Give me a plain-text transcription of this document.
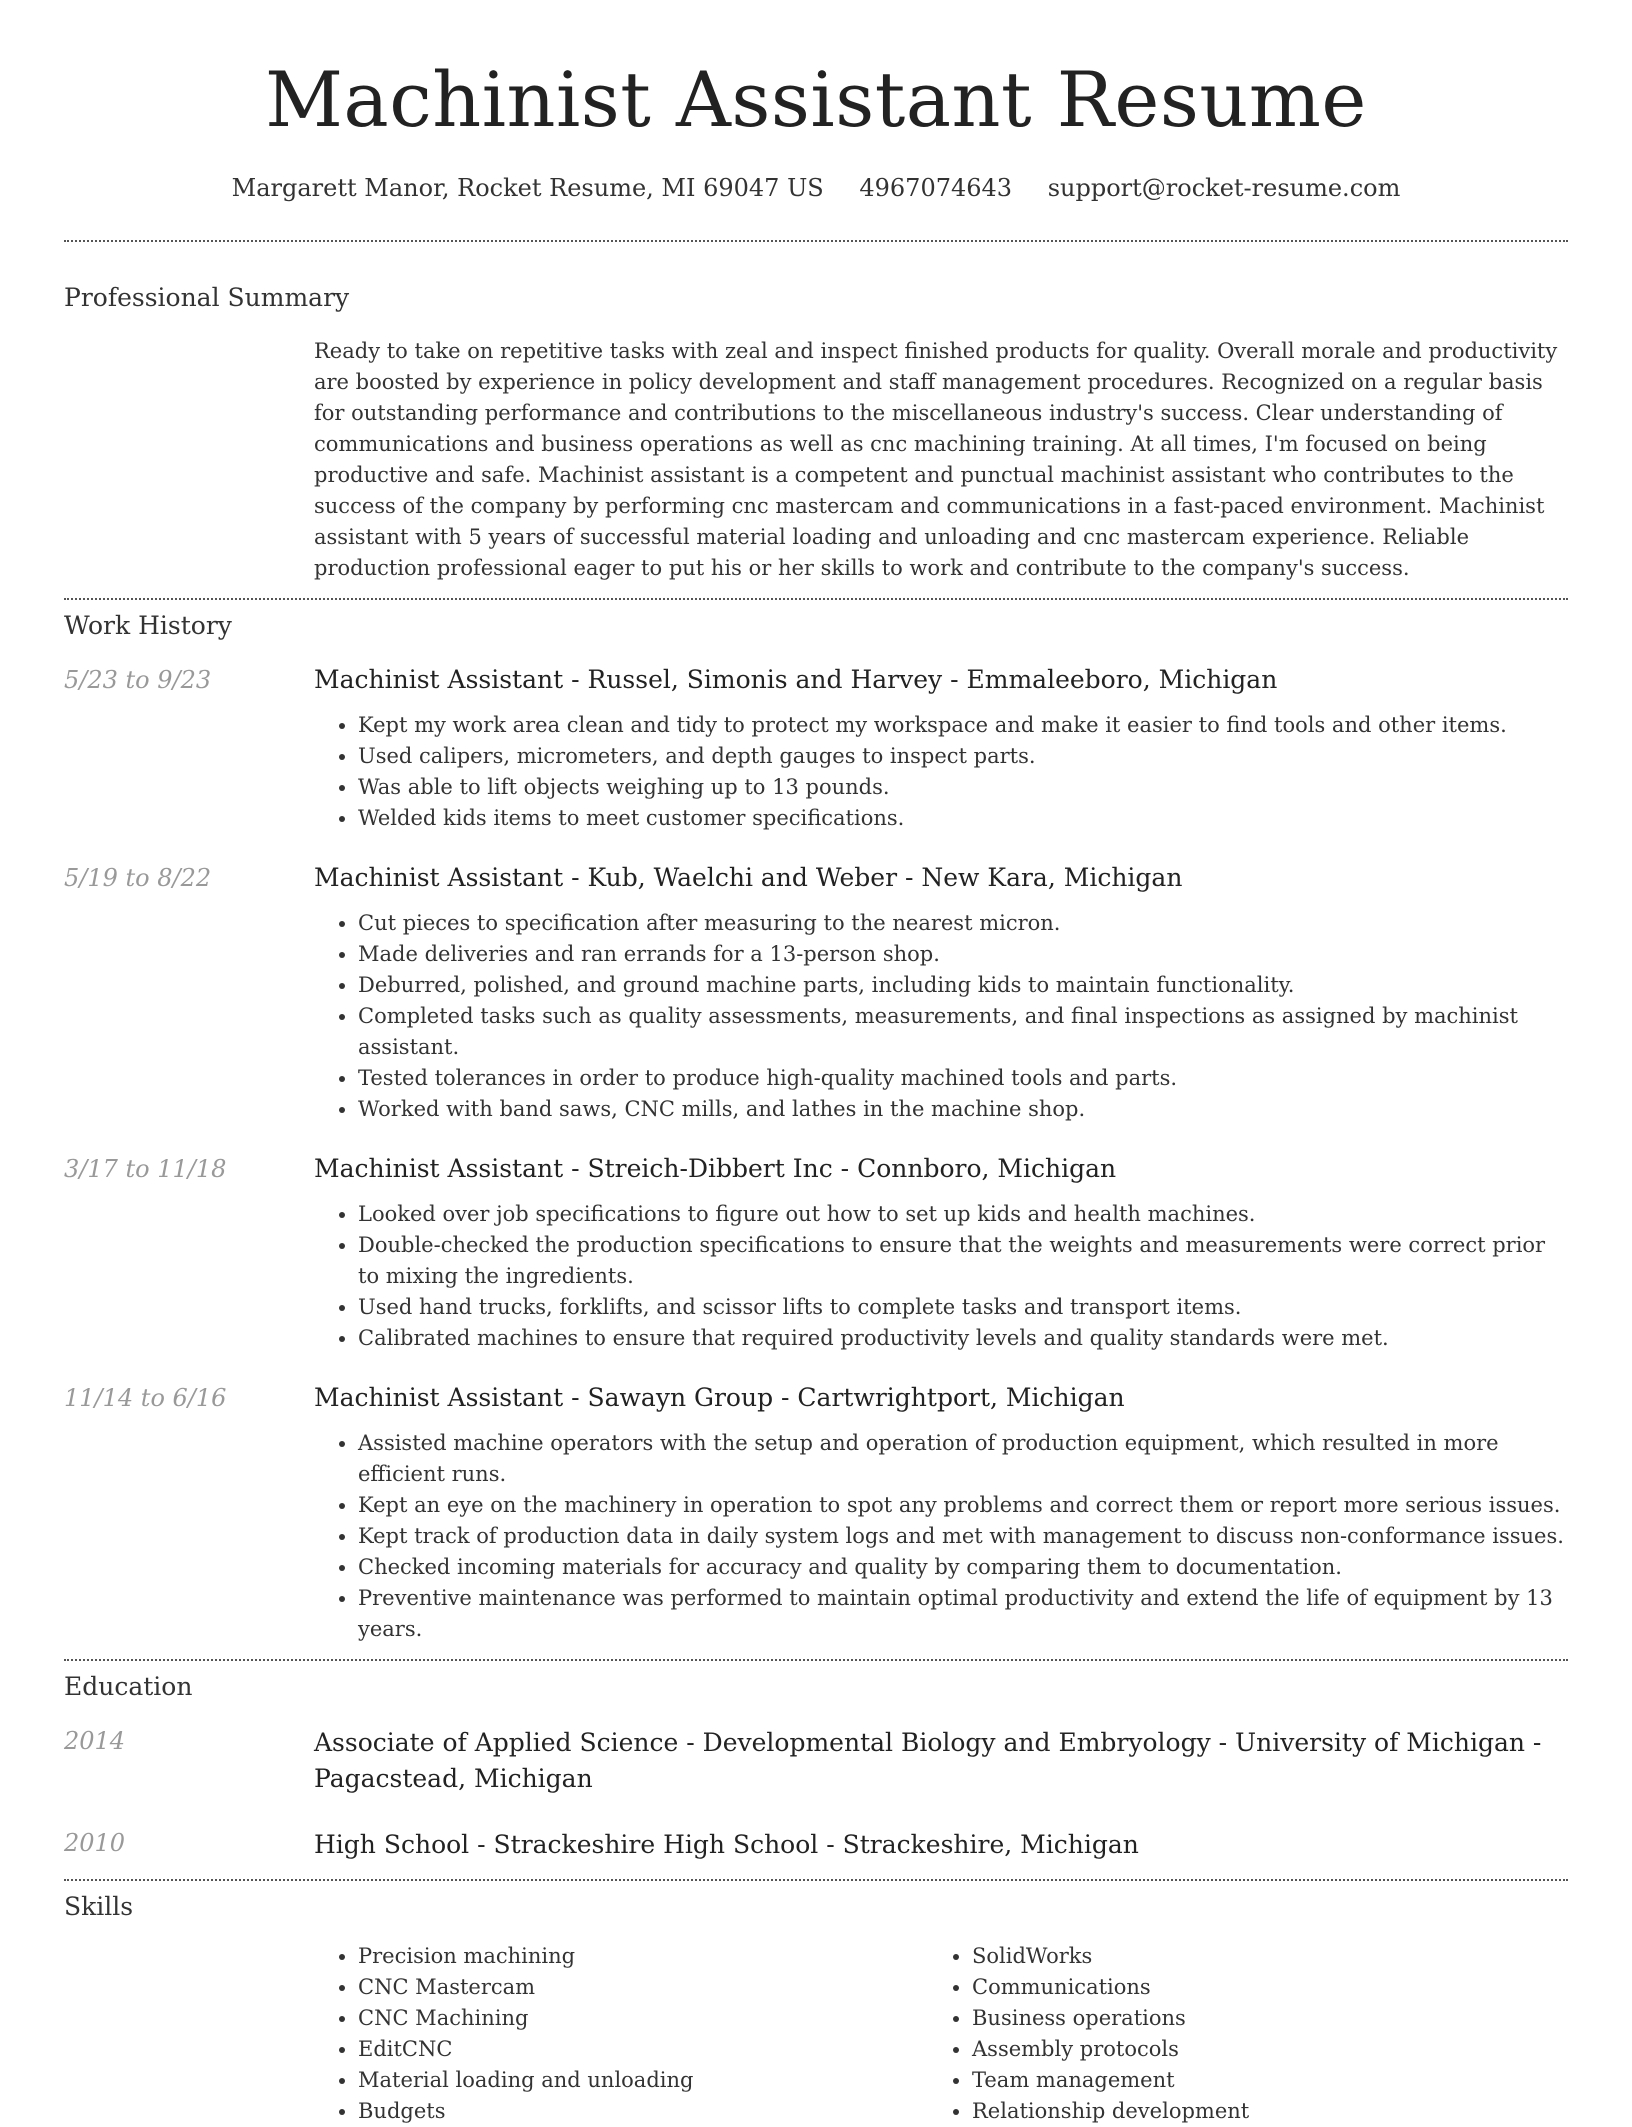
Machinist Assistant Resume
Margarett Manor, Rocket Resume, MI 69047 US 4967074643 support@rocket-resume.com
Professional Summary

Ready to take on repetitive tasks with zeal and inspect finished products for quality. Overall morale and productivity are boosted by experience in policy development and staff management procedures. Recognized on a regular basis for outstanding performance and contributions to the miscellaneous industry's success. Clear understanding of communications and business operations as well as cnc machining training. At all times, I'm focused on being productive and safe. Machinist assistant is a competent and punctual machinist assistant who contributes to the success of the company by performing cnc mastercam and communications in a fast-paced environment. Machinist assistant with 5 years of successful material loading and unloading and cnc mastercam experience. Reliable production professional eager to put his or her skills to work and contribute to the company's success.

Work History
5/23 to 9/23	Machinist Assistant - Russel, Simonis and Harvey - Emmaleeboro, Michigan

• Kept my work area clean and tidy to protect my workspace and make it easier to find tools and other items.
• Used calipers, micrometers, and depth gauges to inspect parts.
• Was able to lift objects weighing up to 13 pounds.
• Welded kids items to meet customer specifications.
5/19 to 8/22	Machinist Assistant - Kub, Waelchi and Weber - New Kara, Michigan

• Cut pieces to specification after measuring to the nearest micron.
• Made deliveries and ran errands for a 13-person shop.
• Deburred, polished, and ground machine parts, including kids to maintain functionality.
• Completed tasks such as quality assessments, measurements, and final inspections as assigned by machinist assistant.
• Tested tolerances in order to produce high-quality machined tools and parts.
• Worked with band saws, CNC mills, and lathes in the machine shop.
3/17 to 11/18	Machinist Assistant - Streich-Dibbert Inc - Connboro, Michigan

• Looked over job specifications to figure out how to set up kids and health machines.
• Double-checked the production specifications to ensure that the weights and measurements were correct prior to mixing the ingredients.
• Used hand trucks, forklifts, and scissor lifts to complete tasks and transport items.
• Calibrated machines to ensure that required productivity levels and quality standards were met.
11/14 to 6/16	Machinist Assistant - Sawayn Group - Cartwrightport, Michigan

• Assisted machine operators with the setup and operation of production equipment, which resulted in more efficient runs.
• Kept an eye on the machinery in operation to spot any problems and correct them or report more serious issues.
• Kept track of production data in daily system logs and met with management to discuss non-conformance issues.
• Checked incoming materials for accuracy and quality by comparing them to documentation.
• Preventive maintenance was performed to maintain optimal productivity and extend the life of equipment by 13 years.
Education
2014	Associate of Applied Science - Developmental Biology and Embryology - University of Michigan - Pagacstead, Michigan

2010	High School - Strackeshire High School - Strackeshire, Michigan

Skills
• Precision machining
• CNC Mastercam
• CNC Machining
• EditCNC
• Material loading and unloading
• Budgets
• SolidWorks
• Communications
• Business operations
• Assembly protocols
• Team management
• Relationship development
